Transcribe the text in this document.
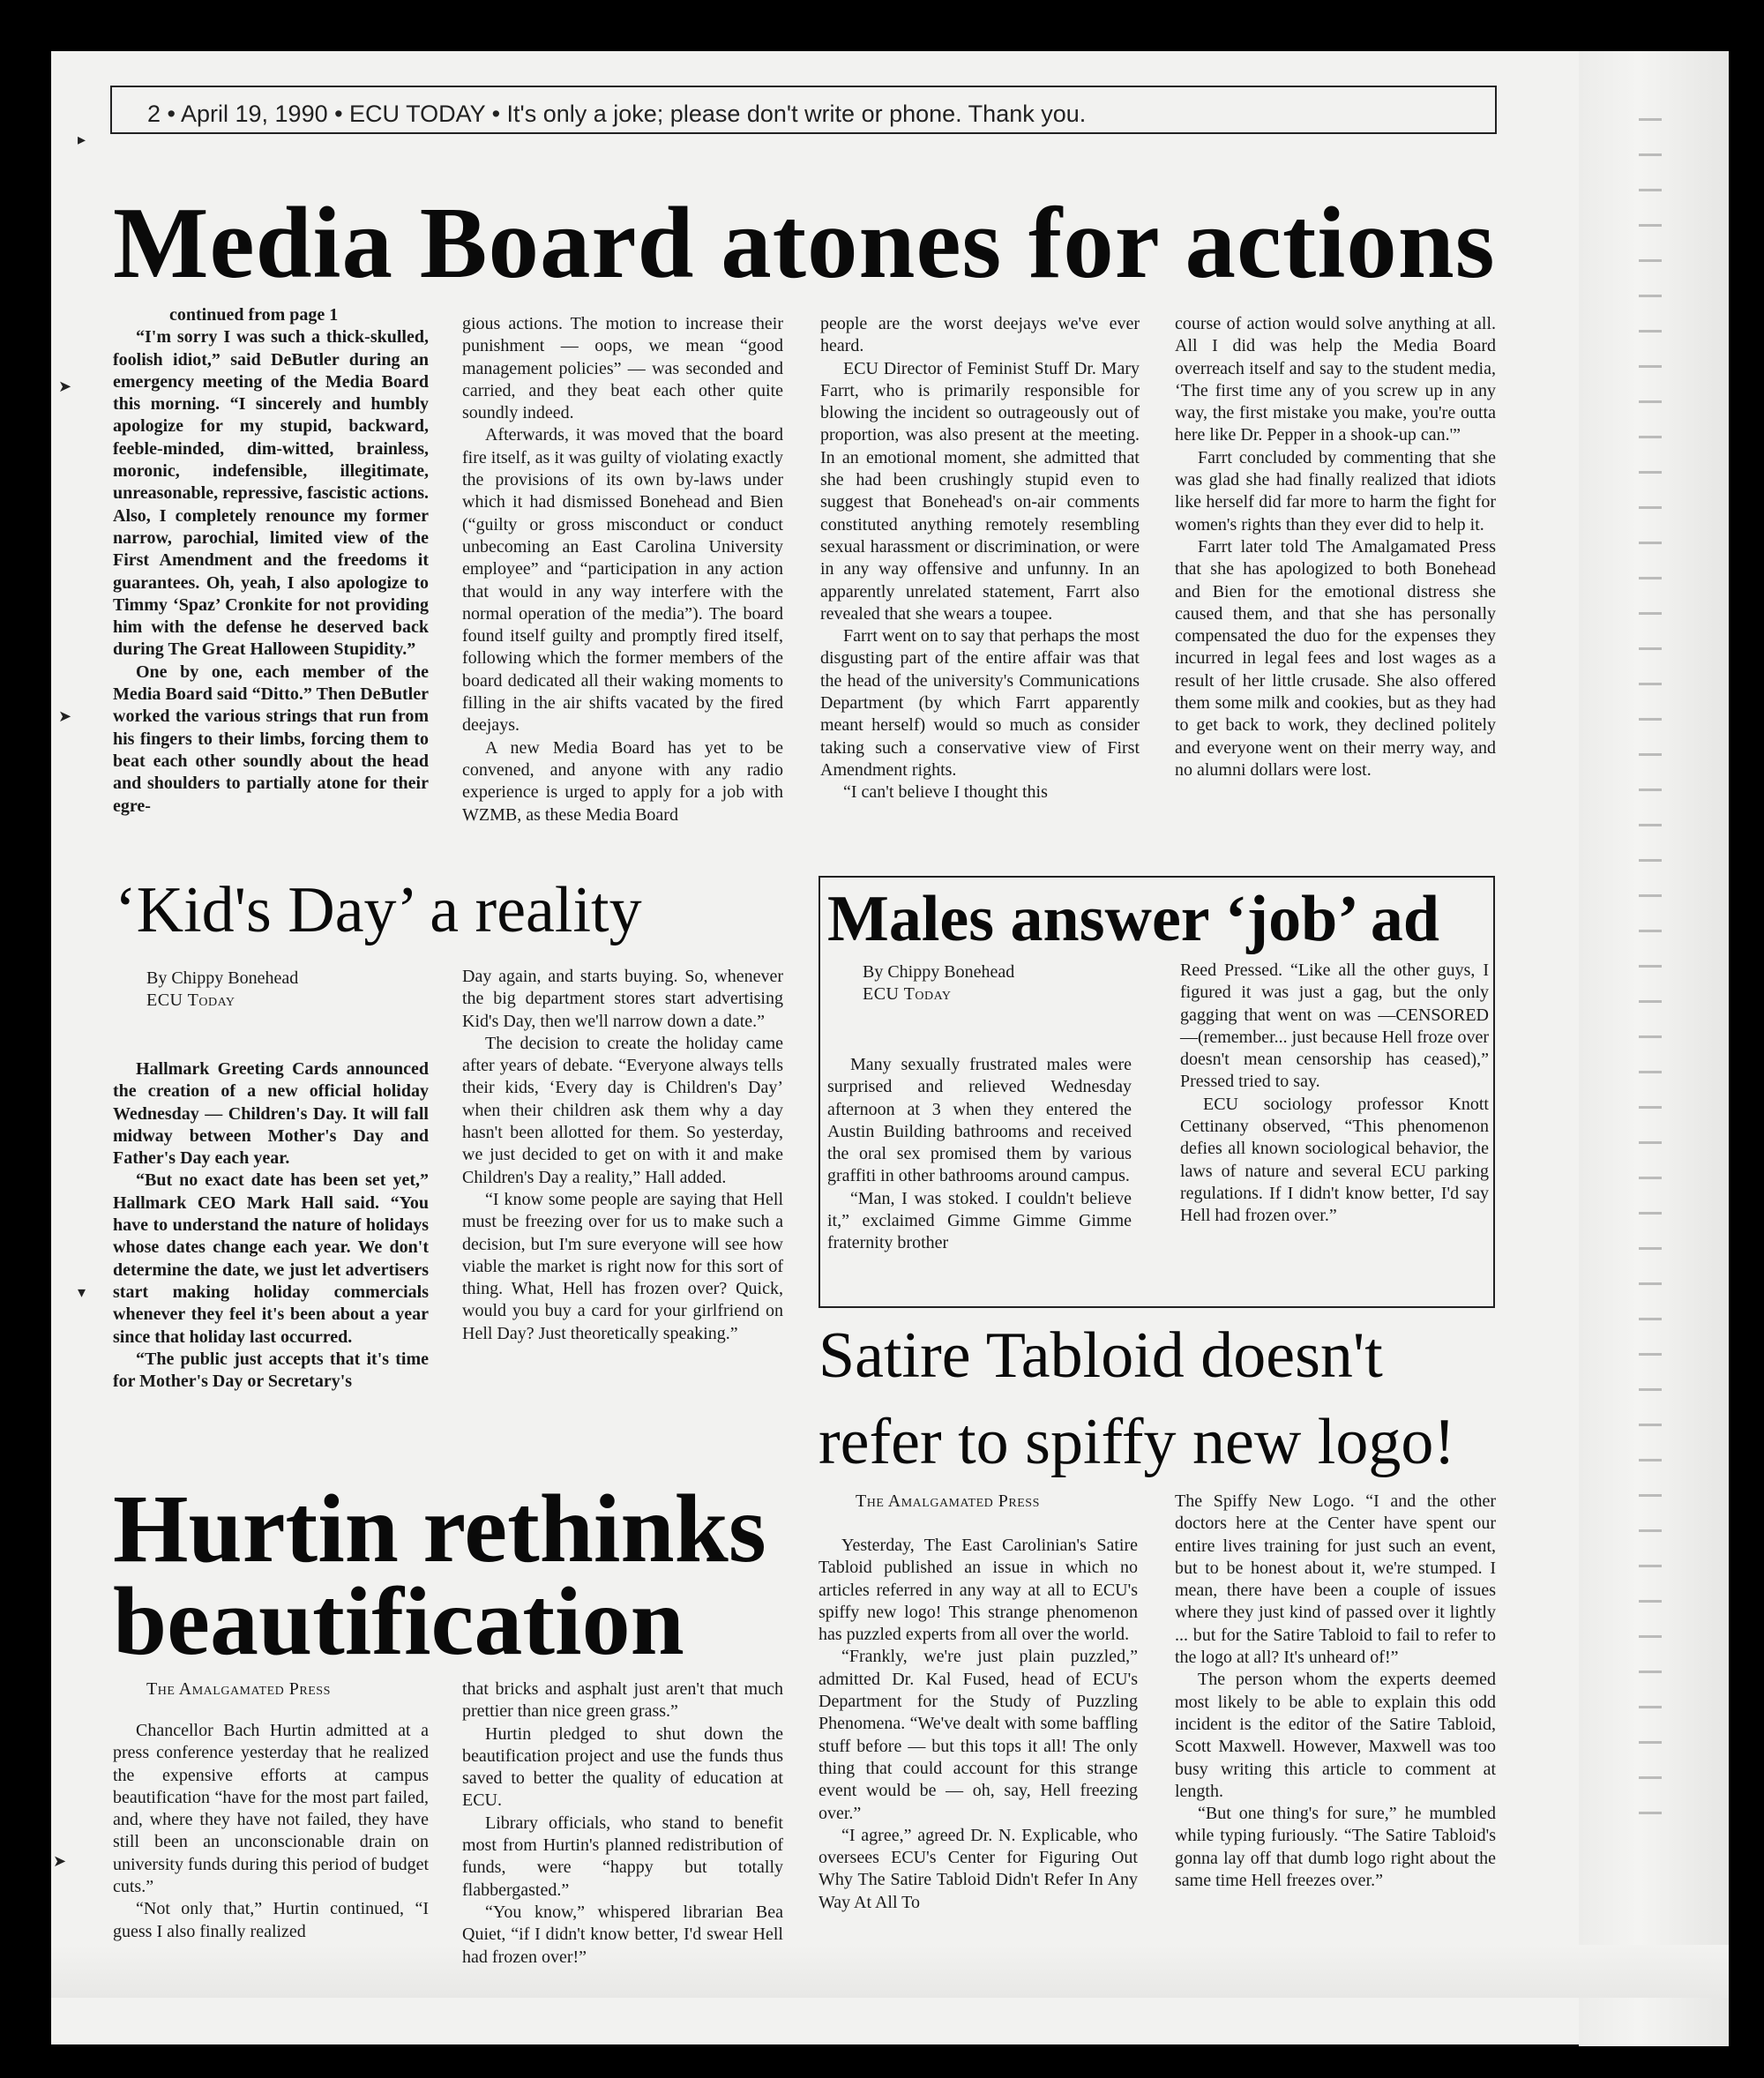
▸
➤
➤
▾
➤
2 • April 19, 1990 • ECU TODAY • It's only a joke; please don't write or phone. Thank you.
Media Board atones for actions

continued from page 1

“I'm sorry I was such a thick-skulled, foolish idiot,” said DeButler during an emergency meeting of the Media Board this morning. “I sincerely and humbly apologize for my stupid, backward, feeble-minded, dim-witted, brainless, moronic, indefensible, illegitimate, unreasonable, repressive, fascistic actions. Also, I completely renounce my former narrow, parochial, limited view of the First Amendment and the freedoms it guarantees. Oh, yeah, I also apologize to Timmy ‘Spaz’ Cronkite for not providing him with the defense he deserved back during The Great Halloween Stupidity.”

One by one, each member of the Media Board said “Ditto.” Then DeButler worked the various strings that run from his fingers to their limbs, forcing them to beat each other soundly about the head and shoulders to partially atone for their egre-

gious actions. The motion to increase their punishment — oops, we mean “good management policies” — was seconded and carried, and they beat each other quite soundly indeed.

Afterwards, it was moved that the board fire itself, as it was guilty of violating exactly the provisions of its own by-laws under which it had dismissed Bonehead and Bien (“guilty or gross misconduct or conduct unbecoming an East Carolina University employee” and “participation in any action that would in any way interfere with the normal operation of the media”). The board found itself guilty and promptly fired itself, following which the former members of the board dedicated all their waking moments to filling in the air shifts vacated by the fired deejays.

A new Media Board has yet to be convened, and anyone with any radio experience is urged to apply for a job with WZMB, as these Media Board

people are the worst deejays we've ever heard.

ECU Director of Feminist Stuff Dr. Mary Farrt, who is primarily responsible for blowing the incident so outrageously out of proportion, was also present at the meeting. In an emotional moment, she admitted that she had been crushingly stupid even to suggest that Bonehead's on-air comments constituted anything remotely resembling sexual harassment or discrimination, or were in any way offensive and unfunny. In an apparently unrelated statement, Farrt also revealed that she wears a toupee.

Farrt went on to say that perhaps the most disgusting part of the entire affair was that the head of the university's Communications Department (by which Farrt apparently meant herself) would so much as consider taking such a conservative view of First Amendment rights.

“I can't believe I thought this

course of action would solve anything at all. All I did was help the Media Board overreach itself and say to the student media, ‘The first time any of you screw up in any way, the first mistake you make, you're outta here like Dr. Pepper in a shook-up can.'”

Farrt concluded by commenting that she was glad she had finally realized that idiots like herself did far more to harm the fight for women's rights than they ever did to help it.

Farrt later told The Amalgamated Press that she has apologized to both Bonehead and Bien for the emotional distress she caused them, and that she has personally compensated the duo for the expenses they incurred in legal fees and lost wages as a result of her little crusade. She also offered them some milk and cookies, but as they had to get back to work, they declined politely and everyone went on their merry way, and no alumni dollars were lost.

‘Kid's Day’ a reality
By Chippy Bonehead
ECU Today

Hallmark Greeting Cards announced the creation of a new official holiday Wednesday — Children's Day. It will fall midway between Mother's Day and Father's Day each year.

“But no exact date has been set yet,” Hallmark CEO Mark Hall said. “You have to understand the nature of holidays whose dates change each year. We don't determine the date, we just let advertisers start making holiday commercials whenever they feel it's been about a year since that holiday last occurred.

“The public just accepts that it's time for Mother's Day or Secretary's

Day again, and starts buying. So, whenever the big department stores start advertising Kid's Day, then we'll narrow down a date.”

The decision to create the holiday came after years of debate. “Everyone always tells their kids, ‘Every day is Children's Day’ when their children ask them why a day hasn't been allotted for them. So yesterday, we just decided to get on with it and make Children's Day a reality,” Hall added.

“I know some people are saying that Hell must be freezing over for us to make such a decision, but I'm sure everyone will see how viable the market is right now for this sort of thing. What, Hell has frozen over? Quick, would you buy a card for your girlfriend on Hell Day? Just theoretically speaking.”

Males answer ‘job’ ad
By Chippy Bonehead
ECU Today

Many sexually frustrated males were surprised and relieved Wednesday afternoon at 3 when they entered the Austin Building bathrooms and received the oral sex promised them by various graffiti in other bathrooms around campus.

“Man, I was stoked. I couldn't believe it,” exclaimed Gimme Gimme Gimme fraternity brother

Reed Pressed. “Like all the other guys, I figured it was just a gag, but the only gagging that went on was —CENSORED—(remember... just because Hell froze over doesn't mean censorship has ceased),” Pressed tried to say.

ECU sociology professor Knott Cettinany observed, “This phenomenon defies all known sociological behavior, the laws of nature and several ECU parking regulations. If I didn't know better, I'd say Hell had frozen over.”

Satire Tabloid doesn't
refer to spiffy new logo!
The Amalgamated Press

Yesterday, The East Carolinian's Satire Tabloid published an issue in which no articles referred in any way at all to ECU's spiffy new logo! This strange phenomenon has puzzled experts from all over the world.

“Frankly, we're just plain puzzled,” admitted Dr. Kal Fused, head of ECU's Department for the Study of Puzzling Phenomena. “We've dealt with some baffling stuff before — but this tops it all! The only thing that could account for this strange event would be — oh, say, Hell freezing over.”

“I agree,” agreed Dr. N. Explicable, who oversees ECU's Center for Figuring Out Why The Satire Tabloid Didn't Refer In Any Way At All To

The Spiffy New Logo. “I and the other doctors here at the Center have spent our entire lives training for just such an event, but to be honest about it, we're stumped. I mean, there have been a couple of issues where they just kind of passed over it lightly ... but for the Satire Tabloid to fail to refer to the logo at all? It's unheard of!”

The person whom the experts deemed most likely to be able to explain this odd incident is the editor of the Satire Tabloid, Scott Maxwell. However, Maxwell was too busy writing this article to comment at length.

“But one thing's for sure,” he mumbled while typing furiously. “The Satire Tabloid's gonna lay off that dumb logo right about the same time Hell freezes over.”

Hurtin rethinks
beautification
The Amalgamated Press

Chancellor Bach Hurtin admitted at a press conference yesterday that he realized the expensive efforts at campus beautification “have for the most part failed, and, where they have not failed, they have still been an unconscionable drain on university funds during this period of budget cuts.”

“Not only that,” Hurtin continued, “I guess I also finally realized

that bricks and asphalt just aren't that much prettier than nice green grass.”

Hurtin pledged to shut down the beautification project and use the funds thus saved to better the quality of education at ECU.

Library officials, who stand to benefit most from Hurtin's planned redistribution of funds, were “happy but totally flabbergasted.”

“You know,” whispered librarian Bea Quiet, “if I didn't know better, I'd swear Hell had frozen over!”
